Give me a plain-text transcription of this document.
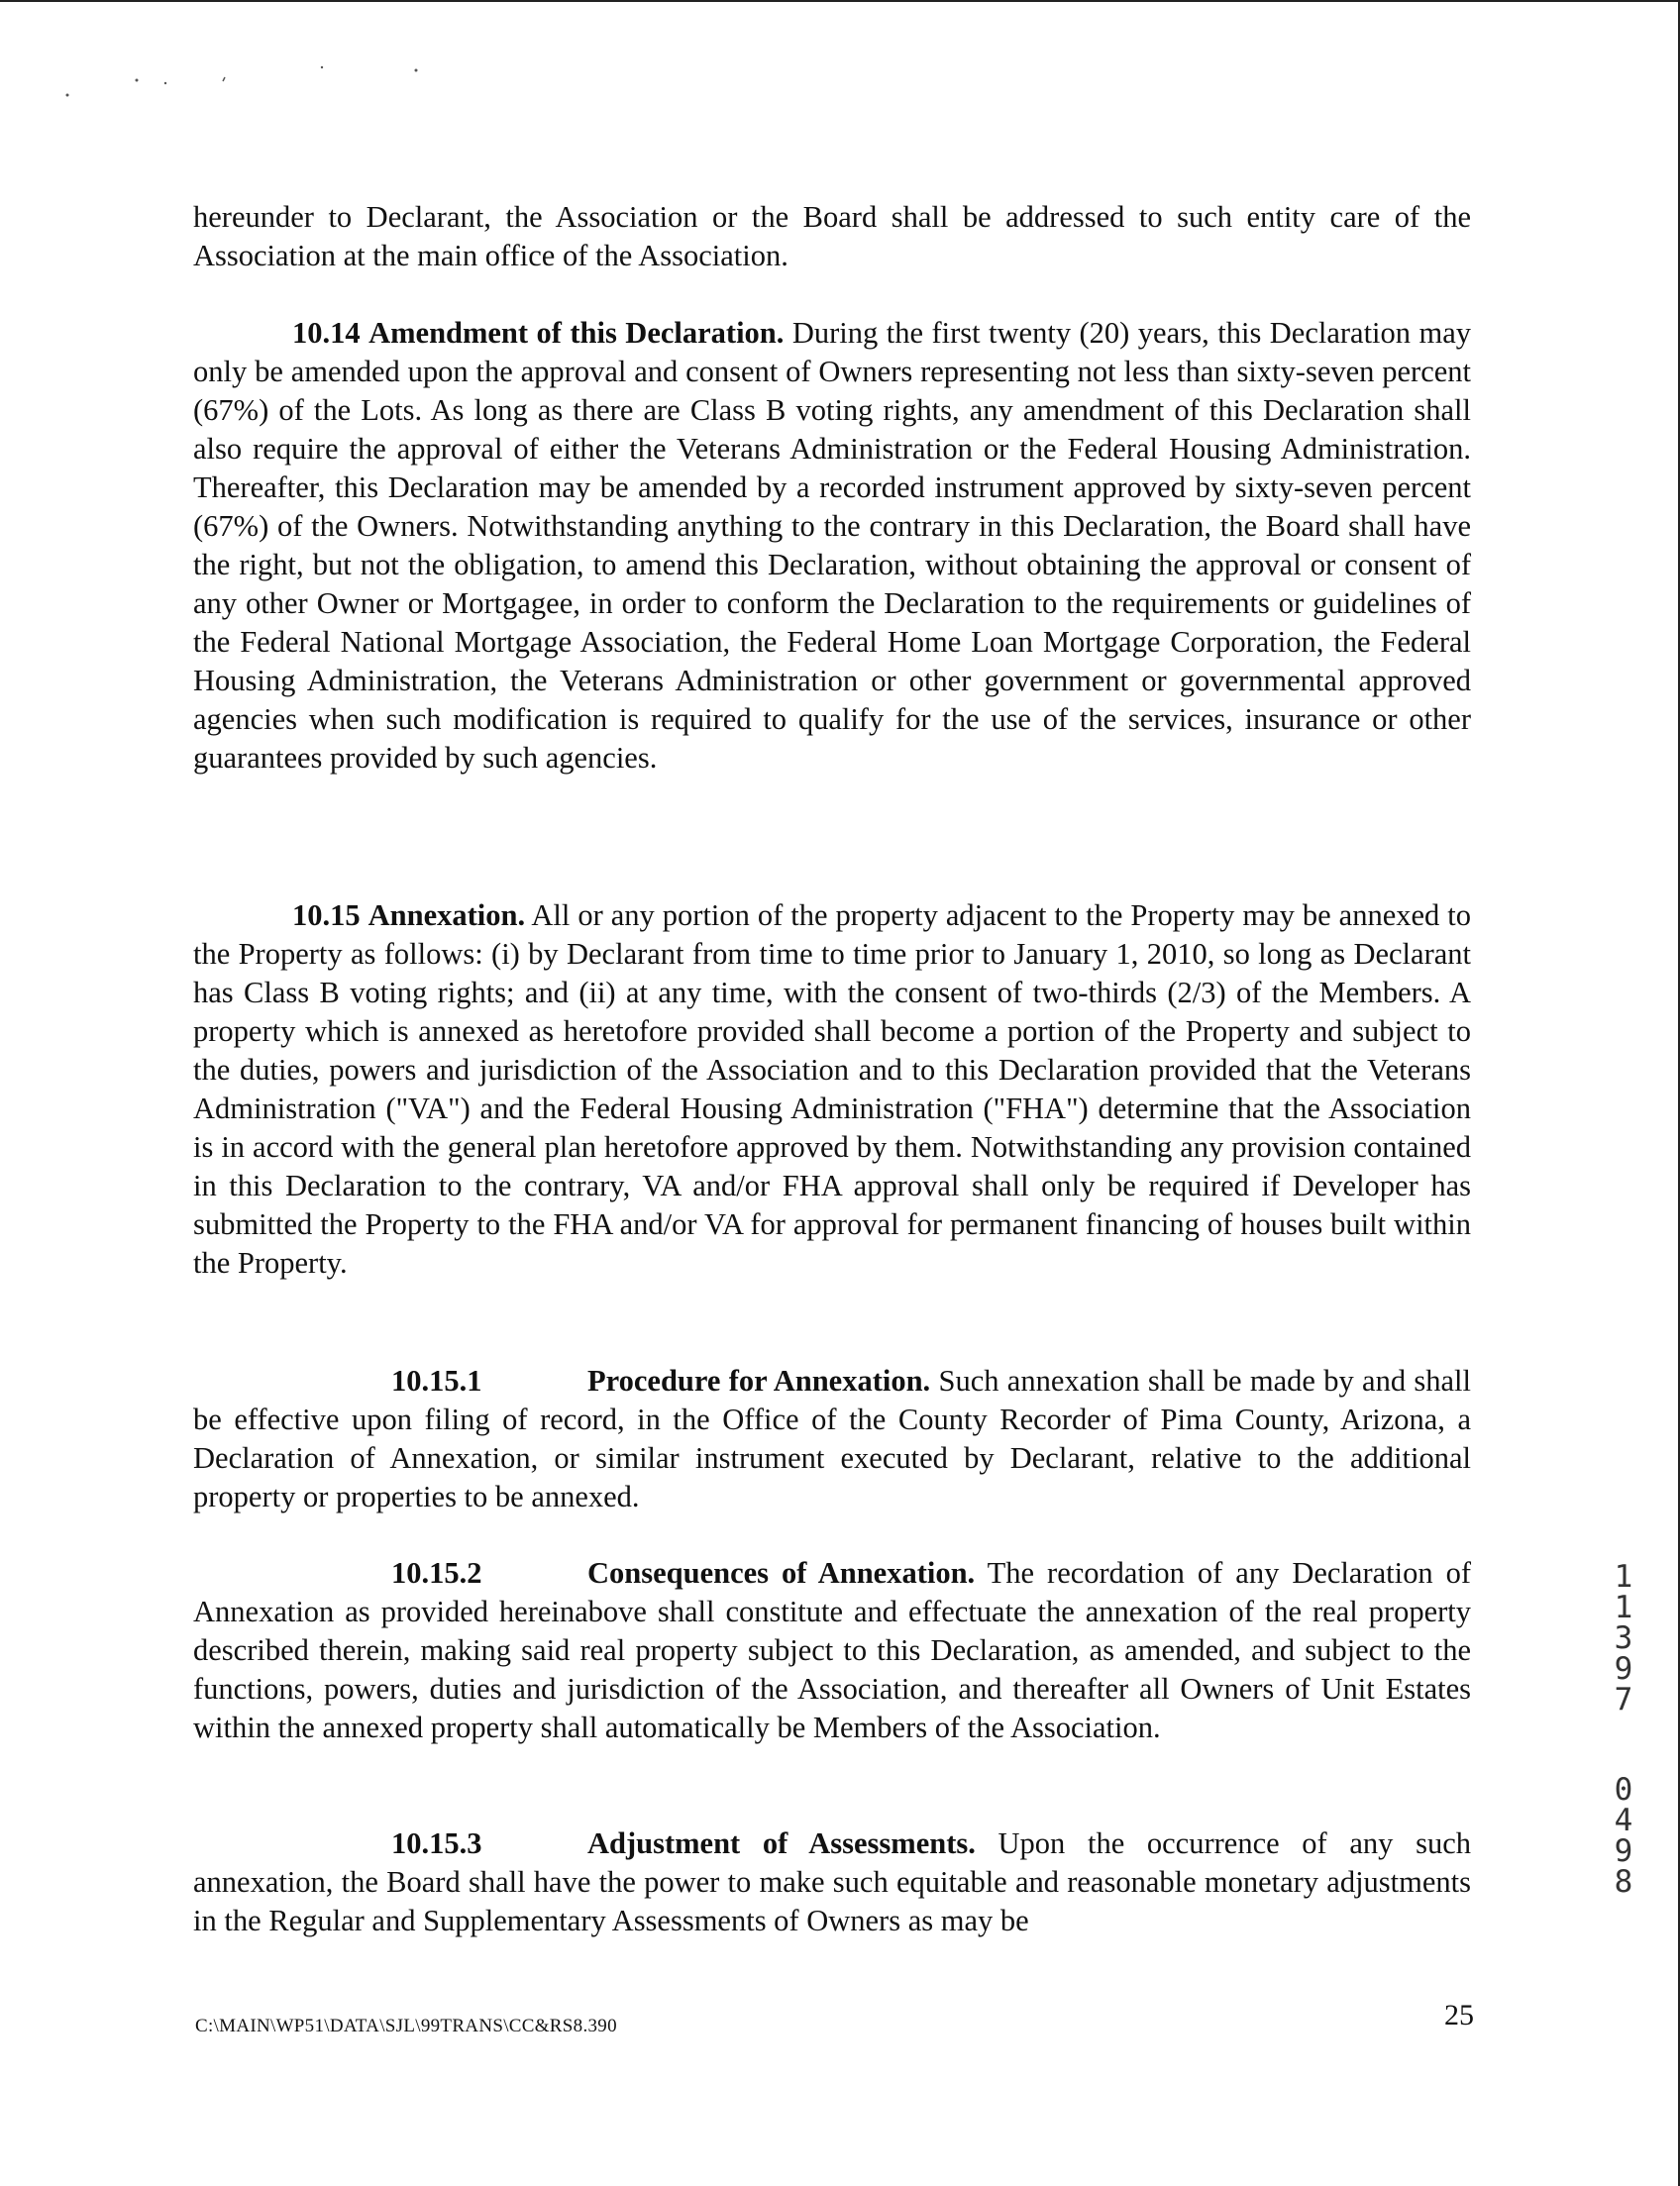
hereunder to Declarant, the Association or the Board shall be addressed to such entity care of the Association at the main office of the Association.

10.14 Amendment of this Declaration. During the first twenty (20) years, this Declaration may only be amended upon the approval and consent of Owners representing not less than sixty-seven percent (67%) of the Lots. As long as there are Class B voting rights, any amendment of this Declaration shall also require the approval of either the Veterans Administration or the Federal Housing Administration. Thereafter, this Declaration may be amended by a recorded instrument approved by sixty-seven percent (67%) of the Owners. Notwithstanding anything to the contrary in this Declaration, the Board shall have the right, but not the obligation, to amend this Declaration, without obtaining the approval or consent of any other Owner or Mortgagee, in order to conform the Declaration to the requirements or guidelines of the Federal National Mortgage Association, the Federal Home Loan Mortgage Corporation, the Federal Housing Administration, the Veterans Administration or other government or governmental approved agencies when such modification is required to qualify for the use of the services, insurance or other guarantees provided by such agencies.

10.15 Annexation. All or any portion of the property adjacent to the Property may be annexed to the Property as follows: (i) by Declarant from time to time prior to January 1, 2010, so long as Declarant has Class B voting rights; and (ii) at any time, with the consent of two-thirds (2/3) of the Members. A property which is annexed as heretofore provided shall become a portion of the Property and subject to the duties, powers and jurisdiction of the Association and to this Declaration provided that the Veterans Administration ("VA") and the Federal Housing Administration ("FHA") determine that the Association is in accord with the general plan heretofore approved by them. Notwithstanding any provision contained in this Declaration to the contrary, VA and/or FHA approval shall only be required if Developer has submitted the Property to the FHA and/or VA for approval for permanent financing of houses built within the Property.

10.15.1	Procedure for Annexation. Such annexation shall be made by and shall be effective upon filing of record, in the Office of the County Recorder of Pima County, Arizona, a Declaration of Annexation, or similar instrument executed by Declarant, relative to the additional property or properties to be annexed.

10.15.2	Consequences of Annexation. The recordation of any Declaration of Annexation as provided hereinabove shall constitute and effectuate the annexation of the real property described therein, making said real property subject to this Declaration, as amended, and subject to the functions, powers, duties and jurisdiction of the Association, and thereafter all Owners of Unit Estates within the annexed property shall automatically be Members of the Association.

10.15.3	Adjustment of Assessments. Upon the occurrence of any such annexation, the Board shall have the power to make such equitable and reasonable monetary adjustments in the Regular and Supplementary Assessments of Owners as may be

1
1
3
9
7
0
4
9
8
C:\MAIN\WP51\DATA\SJL\99TRANS\CC&RS8.390	25
